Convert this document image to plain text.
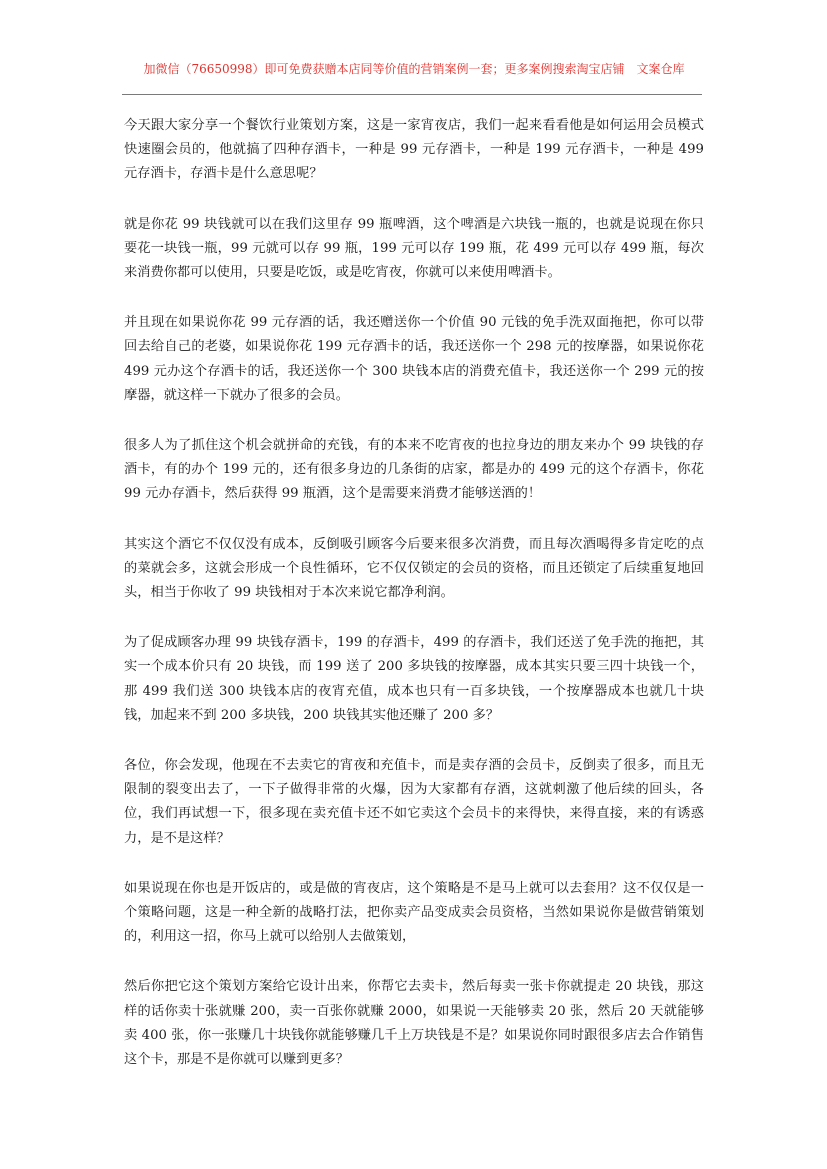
加微信（76650998）即可免费获赠本店同等价值的营销案例一套；更多案例搜索淘宝店铺　文案仓库

今天跟大家分享一个餐饮行业策划方案，这是一家宵夜店，我们一起来看看他是如何运用会员模式快速圈会员的，他就搞了四种存酒卡，一种是 99 元存酒卡，一种是 199 元存酒卡，一种是 499 元存酒卡，存酒卡是什么意思呢？

就是你花 99 块钱就可以在我们这里存 99 瓶啤酒，这个啤酒是六块钱一瓶的，也就是说现在你只要花一块钱一瓶，99 元就可以存 99 瓶，199 元可以存 199 瓶，花 499 元可以存 499 瓶，每次来消费你都可以使用，只要是吃饭，或是吃宵夜，你就可以来使用啤酒卡。

并且现在如果说你花 99 元存酒的话，我还赠送你一个价值 90 元钱的免手洗双面拖把，你可以带回去给自己的老婆，如果说你花 199 元存酒卡的话，我还送你一个 298 元的按摩器，如果说你花 499 元办这个存酒卡的话，我还送你一个 300 块钱本店的消费充值卡，我还送你一个 299 元的按摩器，就这样一下就办了很多的会员。

很多人为了抓住这个机会就拼命的充钱，有的本来不吃宵夜的也拉身边的朋友来办个 99 块钱的存酒卡，有的办个 199 元的，还有很多身边的几条街的店家，都是办的 499 元的这个存酒卡，你花 99 元办存酒卡，然后获得 99 瓶酒，这个是需要来消费才能够送酒的！

其实这个酒它不仅仅没有成本，反倒吸引顾客今后要来很多次消费，而且每次酒喝得多肯定吃的点的菜就会多，这就会形成一个良性循环，它不仅仅锁定的会员的资格，而且还锁定了后续重复地回头，相当于你收了 99 块钱相对于本次来说它都净利润。

为了促成顾客办理 99 块钱存酒卡，199 的存酒卡，499 的存酒卡，我们还送了免手洗的拖把，其实一个成本价只有 20 块钱，而 199 送了 200 多块钱的按摩器，成本其实只要三四十块钱一个，那 499 我们送 300 块钱本店的夜宵充值，成本也只有一百多块钱，一个按摩器成本也就几十块钱，加起来不到 200 多块钱，200 块钱其实他还赚了 200 多？

各位，你会发现，他现在不去卖它的宵夜和充值卡，而是卖存酒的会员卡，反倒卖了很多，而且无限制的裂变出去了，一下子做得非常的火爆，因为大家都有存酒，这就刺激了他后续的回头，各位，我们再试想一下，很多现在卖充值卡还不如它卖这个会员卡的来得快，来得直接，来的有诱惑力，是不是这样？

如果说现在你也是开饭店的，或是做的宵夜店，这个策略是不是马上就可以去套用？这不仅仅是一个策略问题，这是一种全新的战略打法，把你卖产品变成卖会员资格，当然如果说你是做营销策划的，利用这一招，你马上就可以给别人去做策划，

然后你把它这个策划方案给它设计出来，你帮它去卖卡，然后每卖一张卡你就提走 20 块钱，那这样的话你卖十张就赚 200，卖一百张你就赚 2000，如果说一天能够卖 20 张，然后 20 天就能够卖 400 张，你一张赚几十块钱你就能够赚几千上万块钱是不是？如果说你同时跟很多店去合作销售这个卡，那是不是你就可以赚到更多？
